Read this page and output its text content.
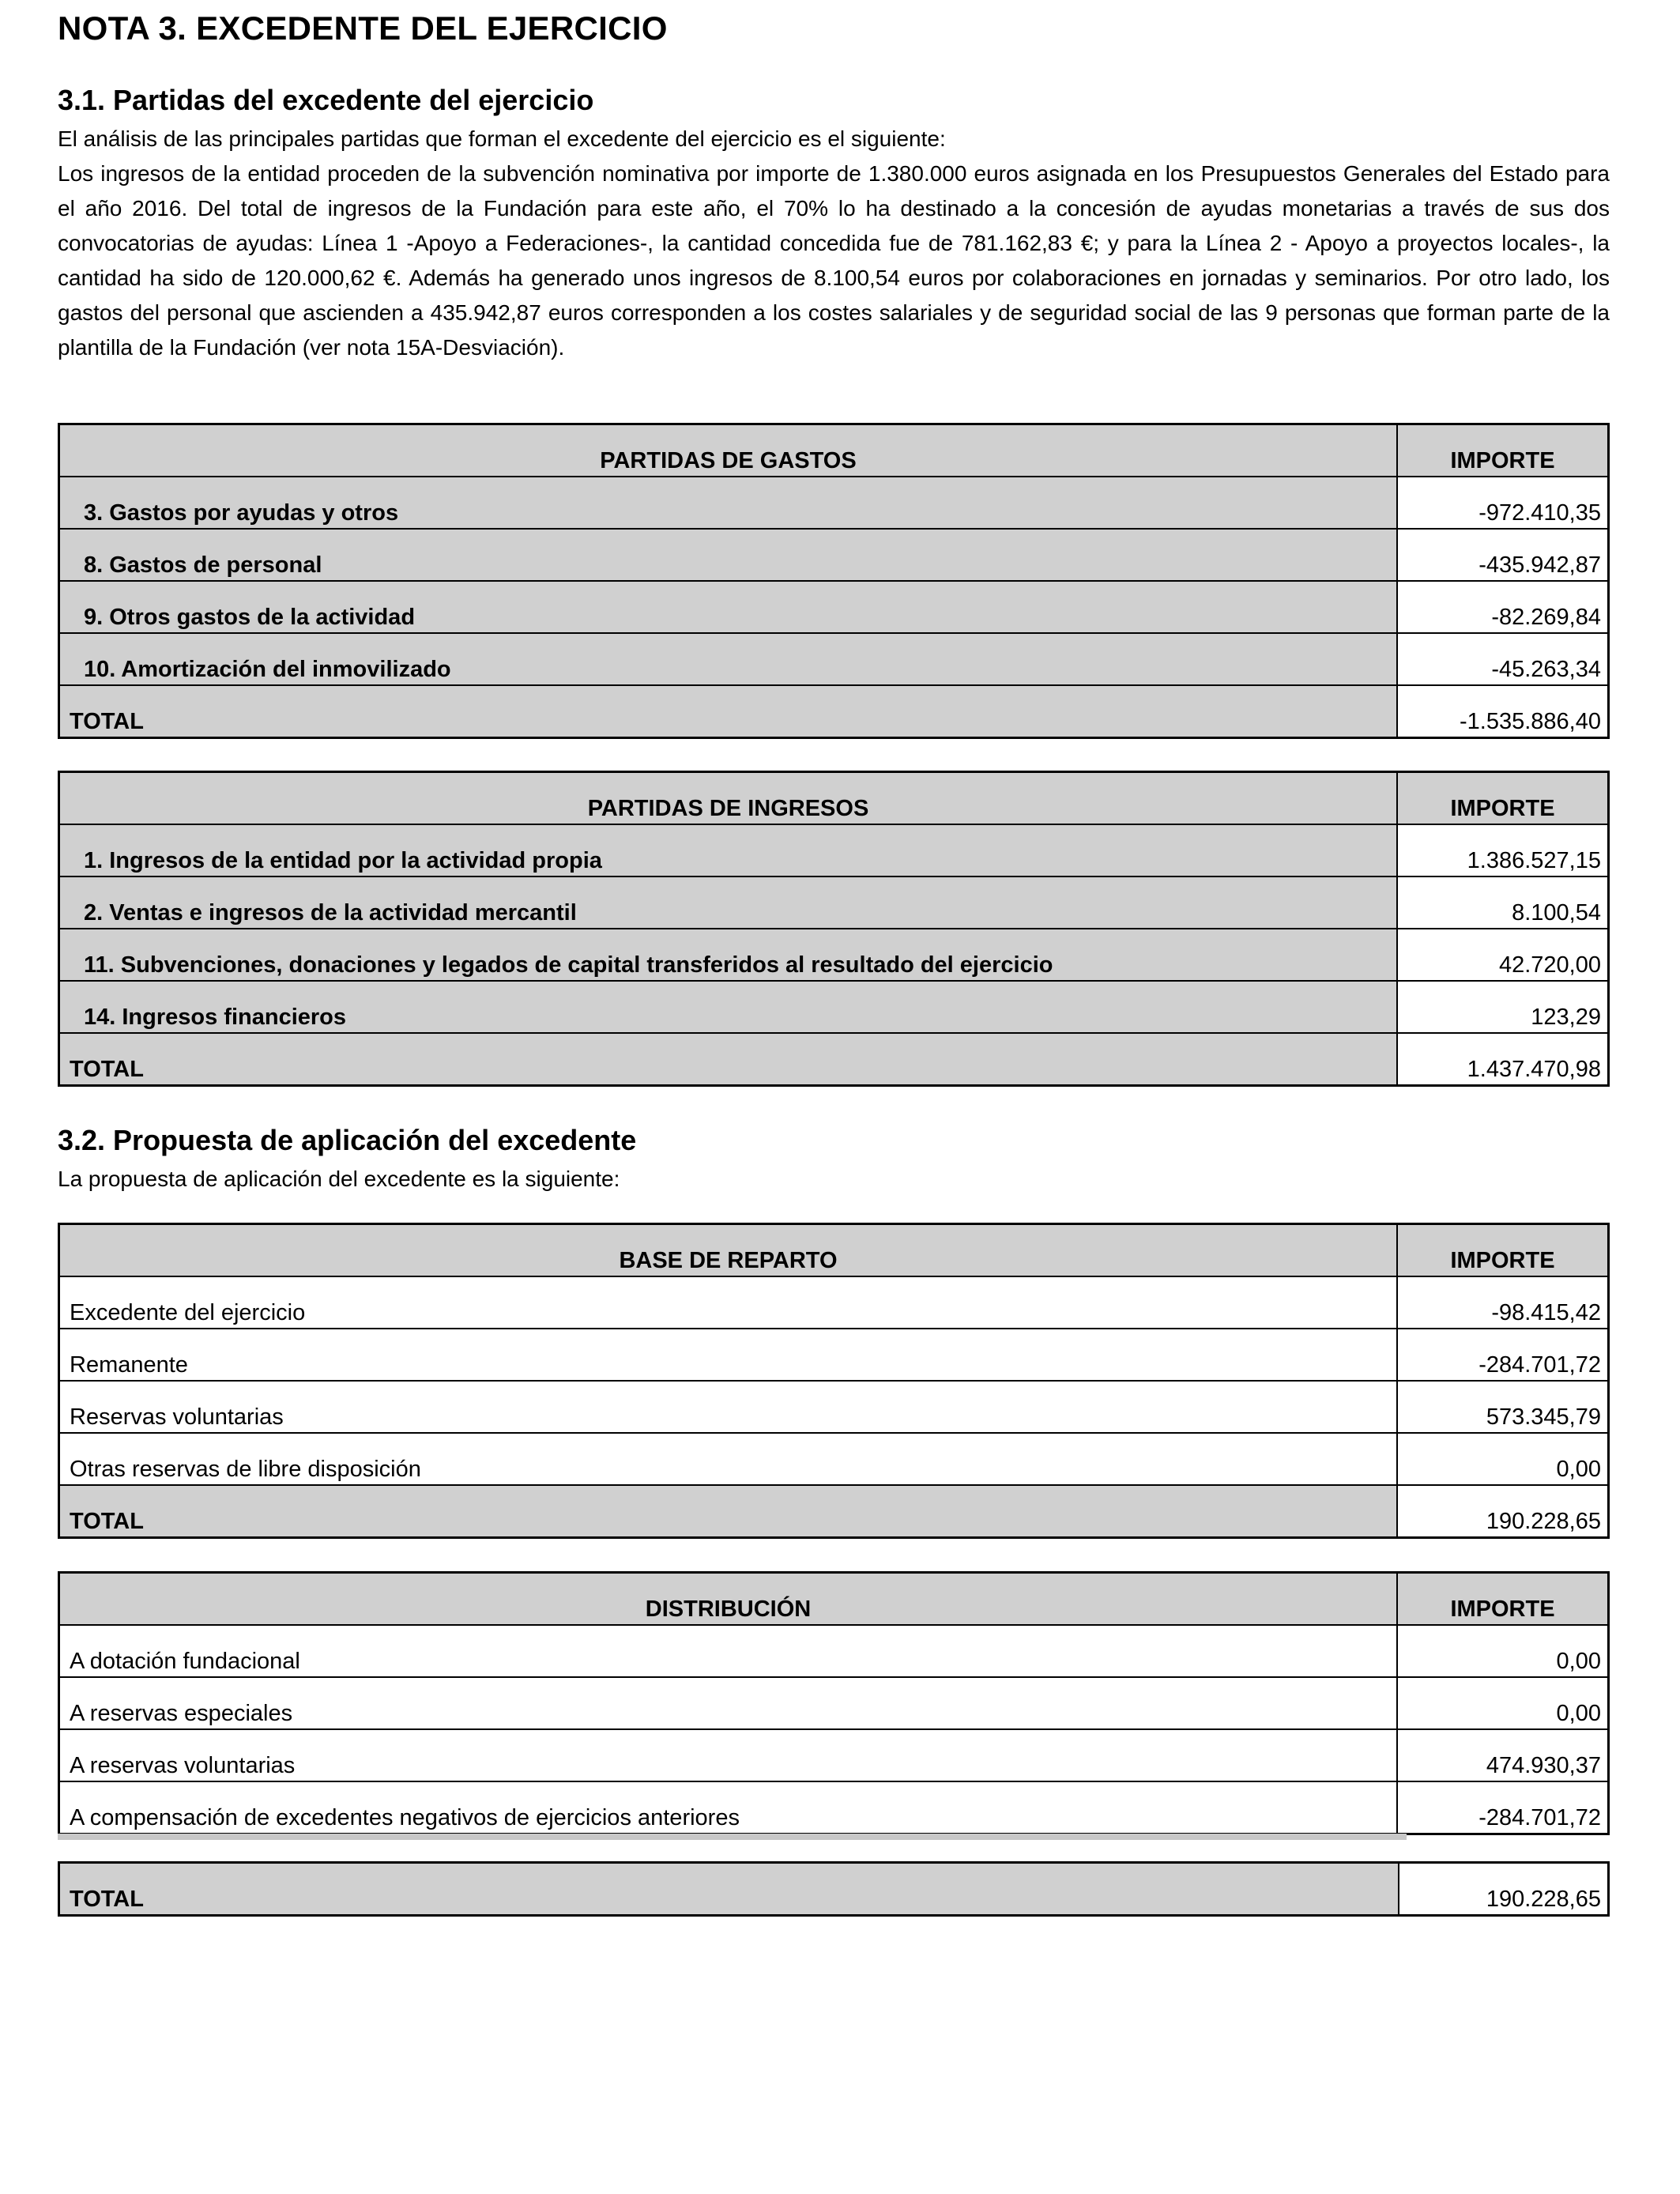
NOTA 3. EXCEDENTE DEL EJERCICIO
3.1. Partidas del excedente del ejercicio
El análisis de las principales partidas que forman el excedente del ejercicio es el siguiente:
Los ingresos de la entidad proceden de la subvención nominativa por importe de 1.380.000 euros asignada en los Presupuestos Generales del Estado para el año 2016. Del total de ingresos de la Fundación para este año, el 70% lo ha destinado a la concesión de ayudas monetarias a través de sus dos convocatorias de ayudas: Línea 1 -Apoyo a Federaciones-, la cantidad concedida fue de 781.162,83 €; y para la Línea 2 - Apoyo a proyectos locales-, la cantidad ha sido de 120.000,62 €. Además ha generado unos ingresos de 8.100,54 euros por colaboraciones en jornadas y seminarios. Por otro lado, los gastos del personal que ascienden a 435.942,87 euros corresponden a los costes salariales y de seguridad social de las 9 personas que forman parte de la plantilla de la Fundación (ver nota 15A-Desviación).
PARTIDAS DE GASTOS	IMPORTE
3. Gastos por ayudas y otros	-972.410,35
8. Gastos de personal	-435.942,87
9. Otros gastos de la actividad	-82.269,84
10. Amortización del inmovilizado	-45.263,34
TOTAL	-1.535.886,40
PARTIDAS DE INGRESOS	IMPORTE
1. Ingresos de la entidad por la actividad propia	1.386.527,15
2. Ventas e ingresos de la actividad mercantil	8.100,54
11. Subvenciones, donaciones y legados de capital transferidos al resultado del ejercicio	42.720,00
14. Ingresos financieros	123,29
TOTAL	1.437.470,98
3.2. Propuesta de aplicación del excedente
La propuesta de aplicación del excedente es la siguiente:
BASE DE REPARTO	IMPORTE
Excedente del ejercicio	-98.415,42
Remanente	-284.701,72
Reservas voluntarias	573.345,79
Otras reservas de libre disposición	0,00
TOTAL	190.228,65
DISTRIBUCIÓN	IMPORTE
A dotación fundacional	0,00
A reservas especiales	0,00
A reservas voluntarias	474.930,37
A compensación de excedentes negativos de ejercicios anteriores	-284.701,72
TOTAL	190.228,65
